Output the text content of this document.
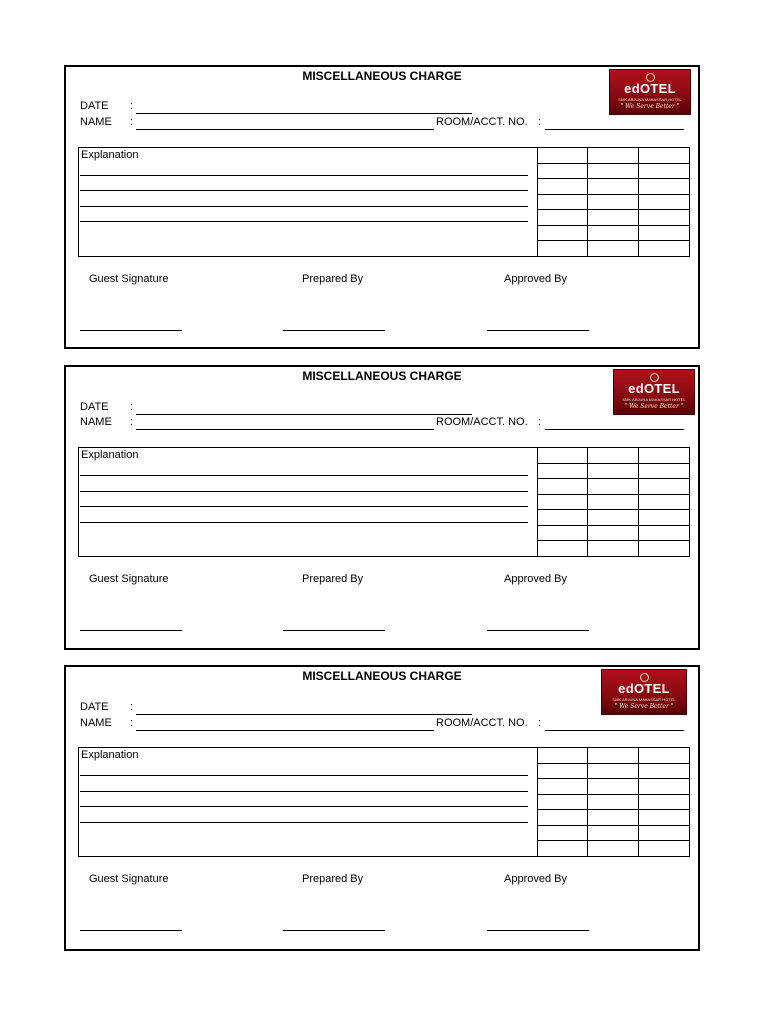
MISCELLANEOUS CHARGE
edOTEL
SMK ARJUNA MAKASSAR HOTEL
" We Serve Better "
DATE :
NAME :	ROOM/ACCT. NO. :
Explanation
Guest Signature	Prepared By	Approved By
MISCELLANEOUS CHARGE
edOTEL
SMK ARJUNA MAKASSAR HOTEL
" We Serve Better "
DATE :
NAME :	ROOM/ACCT. NO. :
Explanation
Guest Signature	Prepared By	Approved By
MISCELLANEOUS CHARGE
edOTEL
SMK ARJUNA MAKASSAR HOTEL
" We Serve Better "
DATE :
NAME :	ROOM/ACCT. NO. :
Explanation
Guest Signature	Prepared By	Approved By
